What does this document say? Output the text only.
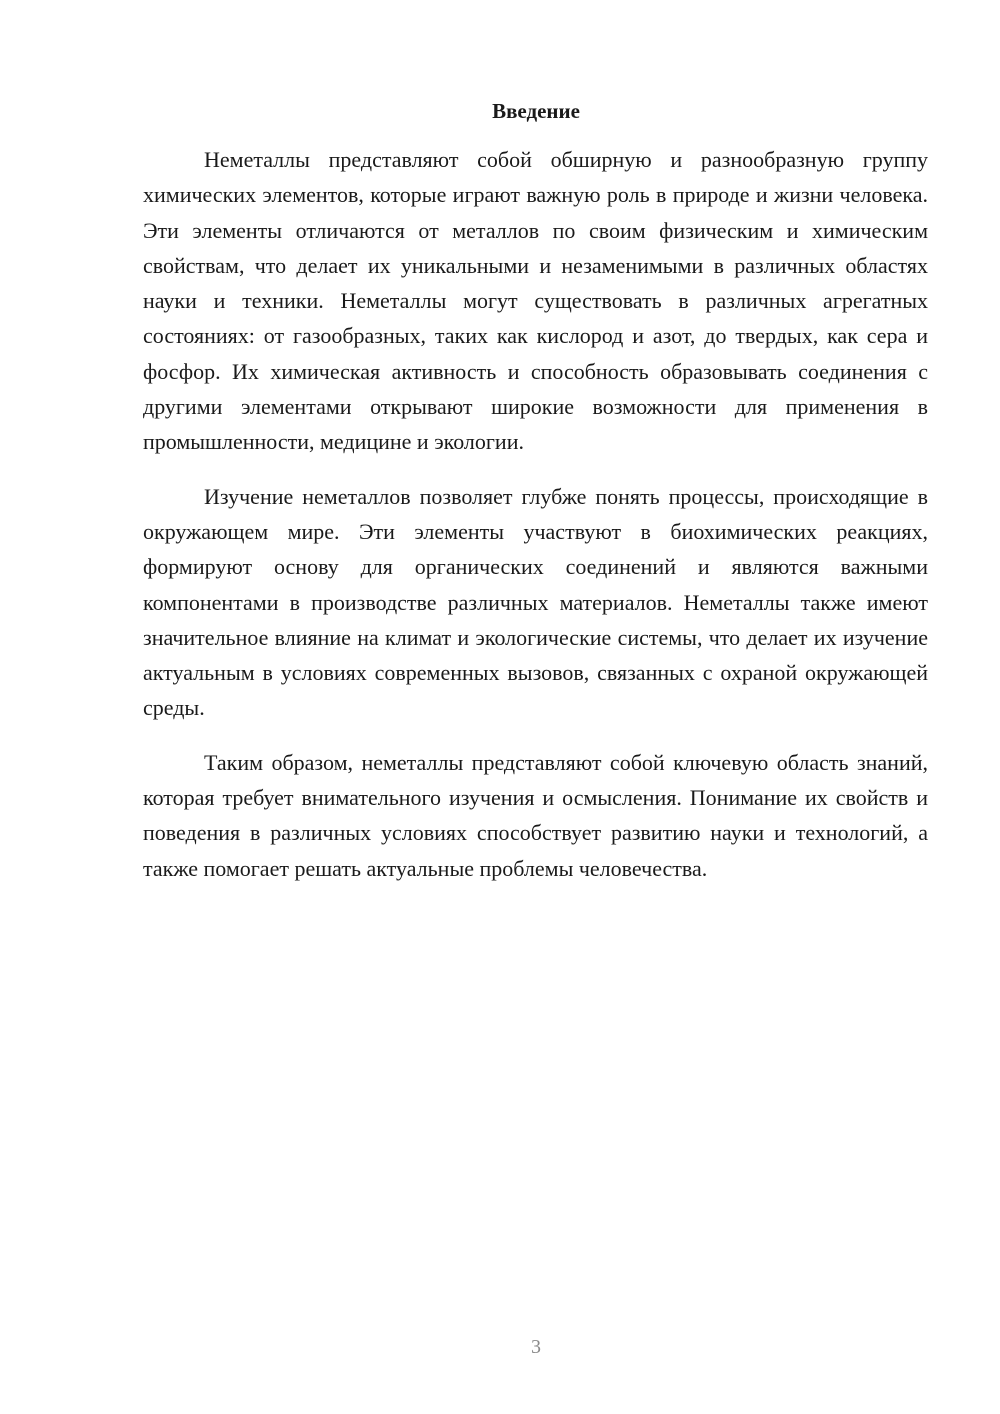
Введение

Неметаллы представляют собой обширную и разнообразную группу химических элементов, которые играют важную роль в природе и жизни человека. Эти элементы отличаются от металлов по своим физическим и химическим свойствам, что делает их уникальными и незаменимыми в различных областях науки и техники. Неметаллы могут существовать в различных агрегатных состояниях: от газообразных, таких как кислород и азот, до твердых, как сера и фосфор. Их химическая активность и способность образовывать соединения с другими элементами открывают широкие возможности для применения в промышленности, медицине и экологии.

Изучение неметаллов позволяет глубже понять процессы, происходящие в окружающем мире. Эти элементы участвуют в биохимических реакциях, формируют основу для органических соединений и являются важными компонентами в производстве различных материалов. Неметаллы также имеют значительное влияние на климат и экологические системы, что делает их изучение актуальным в условиях современных вызовов, связанных с охраной окружающей среды.

Таким образом, неметаллы представляют собой ключевую область знаний, которая требует внимательного изучения и осмысления. Понимание их свойств и поведения в различных условиях способствует развитию науки и технологий, а также помогает решать актуальные проблемы человечества.

3
